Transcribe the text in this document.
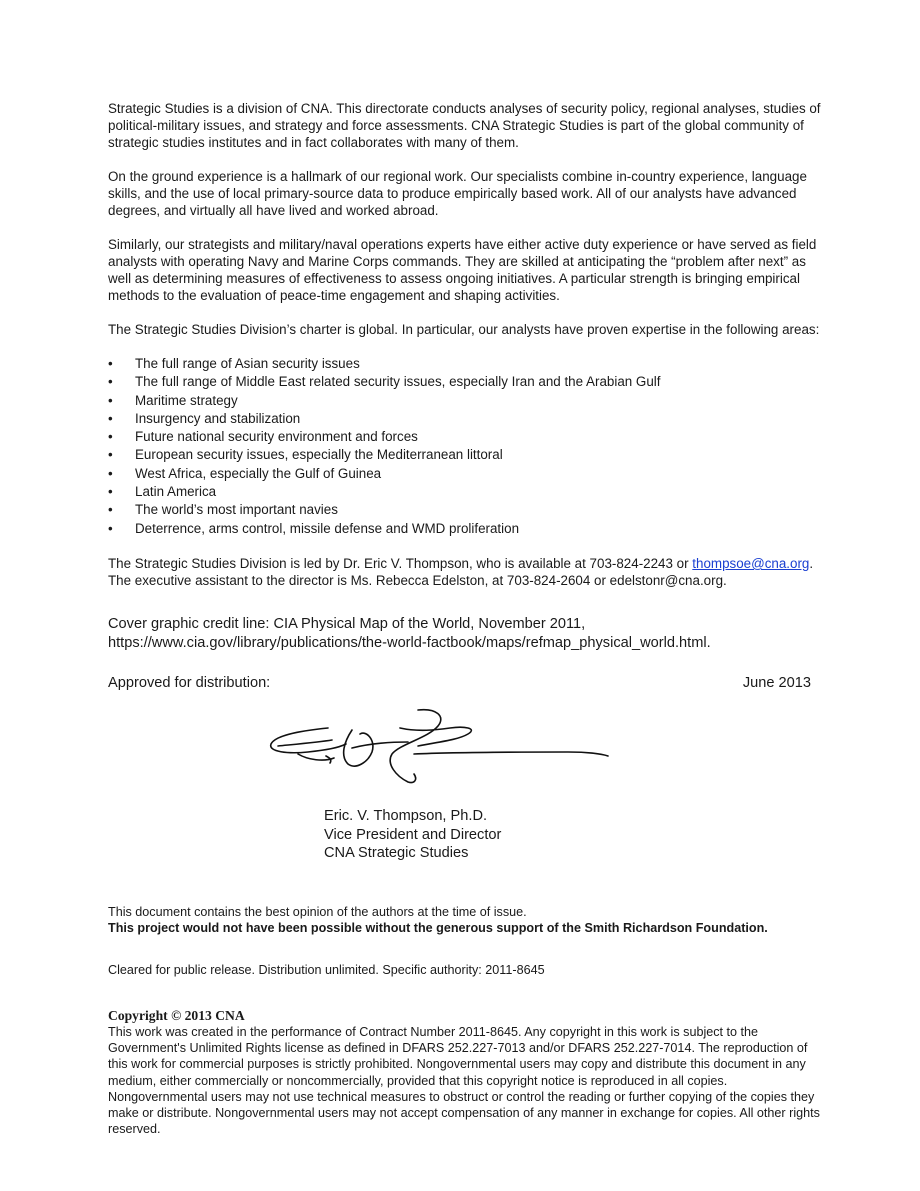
Strategic Studies is a division of CNA. This directorate conducts analyses of security policy, regional analyses, studies of political-military issues, and strategy and force assessments. CNA Strategic Studies is part of the global community of strategic studies institutes and in fact collaborates with many of them.

On the ground experience is a hallmark of our regional work. Our specialists combine in-country experience, language skills, and the use of local primary-source data to produce empirically based work. All of our analysts have advanced degrees, and virtually all have lived and worked abroad.

Similarly, our strategists and military/naval operations experts have either active duty experience or have served as field analysts with operating Navy and Marine Corps commands. They are skilled at anticipating the “problem after next” as well as determining measures of effectiveness to assess ongoing initiatives. A particular strength is bringing empirical methods to the evaluation of peace-time engagement and shaping activities.

The Strategic Studies Division’s charter is global. In particular, our analysts have proven expertise in the following areas:

• The full range of Asian security issues
• The full range of Middle East related security issues, especially Iran and the Arabian Gulf
• Maritime strategy
• Insurgency and stabilization
• Future national security environment and forces
• European security issues, especially the Mediterranean littoral
• West Africa, especially the Gulf of Guinea
• Latin America
• The world’s most important navies
• Deterrence, arms control, missile defense and WMD proliferation

The Strategic Studies Division is led by Dr. Eric V. Thompson, who is available at 703-824-2243 or thompsoe@cna.org.

The executive assistant to the director is Ms. Rebecca Edelston, at 703-824-2604 or edelstonr@cna.org.

Cover graphic credit line: CIA Physical Map of the World, November 2011,

https://www.cia.gov/library/publications/the-world-factbook/maps/refmap_physical_world.html.

Approved for distribution:	June 2013

Eric. V. Thompson, Ph.D.

Vice President and Director

CNA Strategic Studies

This document contains the best opinion of the authors at the time of issue.

This project would not have been possible without the generous support of the Smith Richardson Foundation.

Cleared for public release. Distribution unlimited. Specific authority: 2011-8645

Copyright © 2013 CNA

This work was created in the performance of Contract Number 2011-8645. Any copyright in this work is subject to the Government's Unlimited Rights license as defined in DFARS 252.227-7013 and/or DFARS 252.227-7014. The reproduction of this work for commercial purposes is strictly prohibited. Nongovernmental users may copy and distribute this document in any medium, either commercially or noncommercially, provided that this copyright notice is reproduced in all copies. Nongovernmental users may not use technical measures to obstruct or control the reading or further copying of the copies they make or distribute. Nongovernmental users may not accept compensation of any manner in exchange for copies. All other rights reserved.
